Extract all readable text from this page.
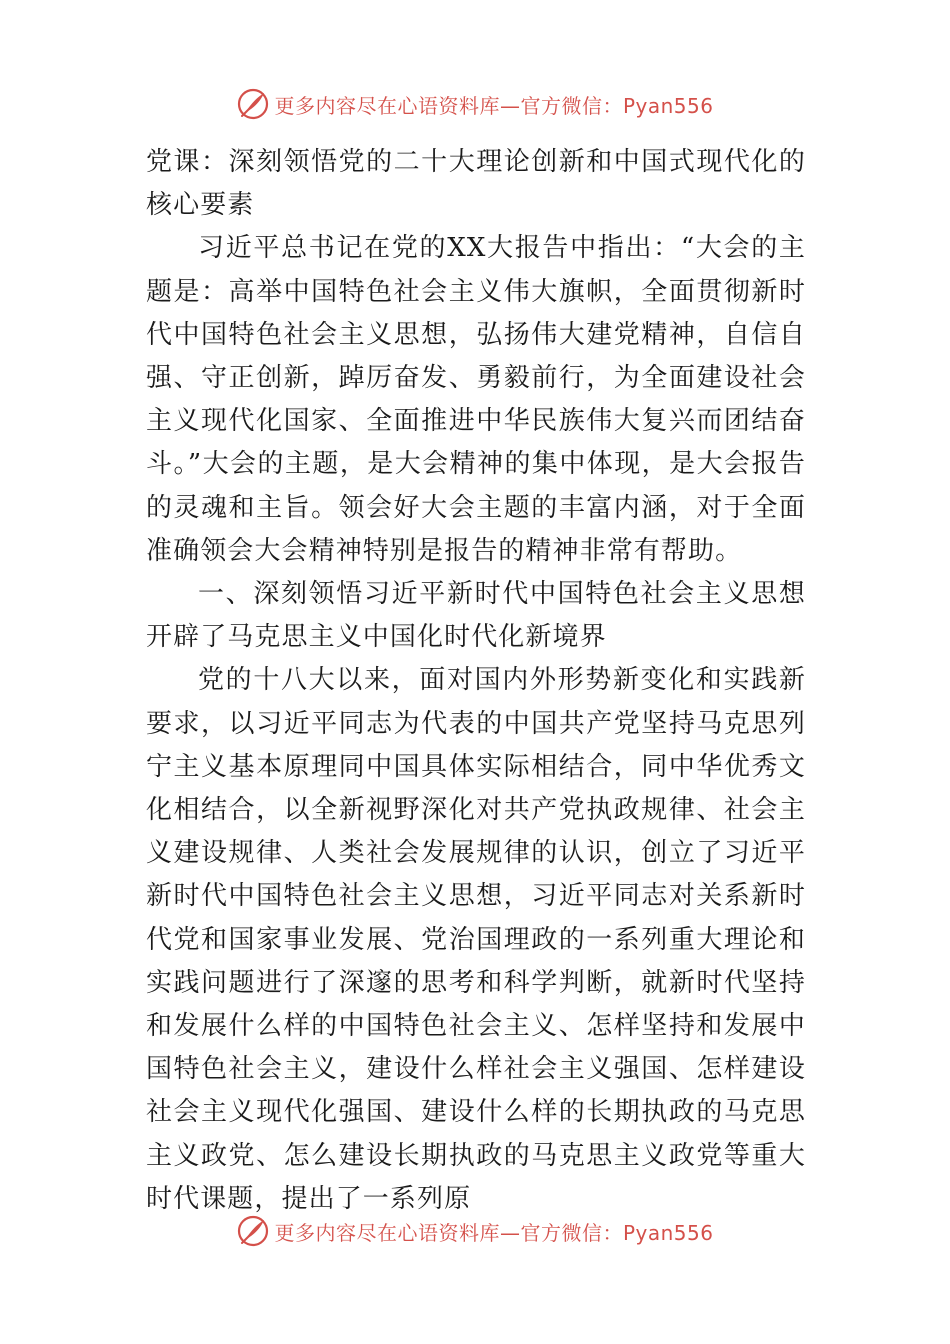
更多内容尽在心语资料库—官方微信：Pyan556

党课：深刻领悟党的二十大理论创新和中国式现代化的核心要素

习近平总书记在党的XX大报告中指出：“大会的主题是：高举中国特色社会主义伟大旗帜，全面贯彻新时代中国特色社会主义思想，弘扬伟大建党精神，自信自强、守正创新，踔厉奋发、勇毅前行，为全面建设社会主义现代化国家、全面推进中华民族伟大复兴而团结奋斗。”大会的主题，是大会精神的集中体现，是大会报告的灵魂和主旨。领会好大会主题的丰富内涵，对于全面准确领会大会精神特别是报告的精神非常有帮助。

一、深刻领悟习近平新时代中国特色社会主义思想开辟了马克思主义中国化时代化新境界

党的十八大以来，面对国内外形势新变化和实践新要求，以习近平同志为代表的中国共产党坚持马克思列宁主义基本原理同中国具体实际相结合，同中华优秀文化相结合，以全新视野深化对共产党执政规律、社会主义建设规律、人类社会发展规律的认识，创立了习近平新时代中国特色社会主义思想，习近平同志对关系新时代党和国家事业发展、党治国理政的一系列重大理论和实践问题进行了深邃的思考和科学判断，就新时代坚持和发展什么样的中国特色社会主义、怎样坚持和发展中国特色社会主义，建设什么样社会主义强国、怎样建设社会主义现代化强国、建设什么样的长期执政的马克思主义政党、怎么建设长期执政的马克思主义政党等重大时代课题，提出了一系列原

更多内容尽在心语资料库—官方微信：Pyan556
